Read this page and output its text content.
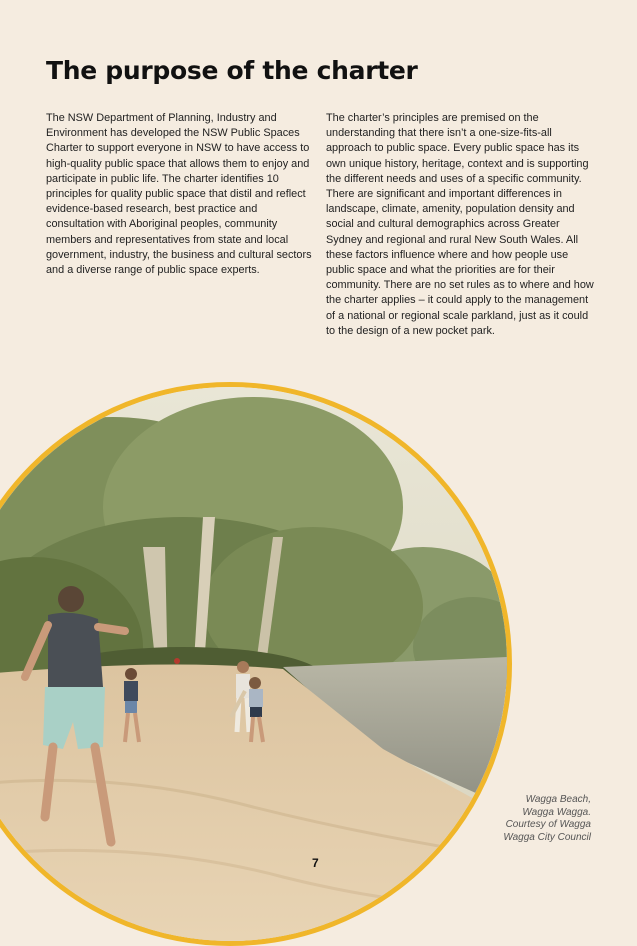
The purpose of the charter

The NSW Department of Planning, Industry and Environment has developed the NSW Public Spaces Charter to support everyone in NSW to have access to high-quality public space that allows them to enjoy and participate in public life. The charter identifies 10 principles for quality public space that distil and reflect evidence-based research, best practice and consultation with Aboriginal peoples, community members and representatives from state and local government, industry, the business and cultural sectors and a diverse range of public space experts.

The charter’s principles are premised on the understanding that there isn’t a one-size-fits-all approach to public space. Every public space has its own unique history, heritage, context and is supporting the different needs and uses of a specific community. There are significant and important differences in landscape, climate, amenity, population density and social and cultural demographics across Greater Sydney and regional and rural New South Wales. All these factors influence where and how people use public space and what the priorities are for their community. There are no set rules as to where and how the charter applies – it could apply to the management of a national or regional scale parkland, just as it could to the design of a new pocket park.

Wagga Beach,
Wagga Wagga.
Courtesy of Wagga
Wagga City Council
7
